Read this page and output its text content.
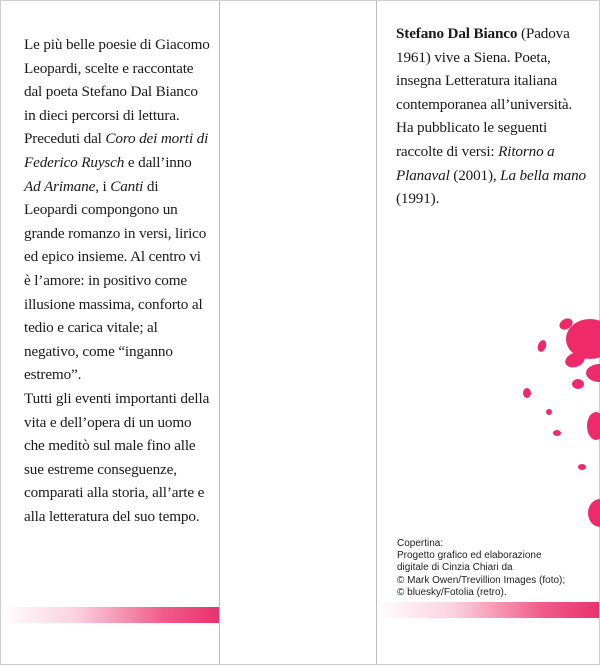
Le più belle poesie di Giacomo Leopardi, scelte e raccontate dal poeta Stefano Dal Bianco in dieci percorsi di lettura.

Preceduti dal Coro dei morti di Federico Ruysch e dall’inno Ad Arimane, i Canti di Leopardi compongono un grande romanzo in versi, lirico ed epico insieme. Al centro vi è l’amore: in positivo come illusione massima, conforto al tedio e carica vitale; al negativo, come “inganno estremo”.

Tutti gli eventi importanti della vita e dell’opera di un uomo che meditò sul male fino alle sue estreme conseguenze, comparati alla storia, all’arte e alla letteratura del suo tempo.

Stefano Dal Bianco (Padova 1961) vive a Siena. Poeta, insegna Letteratura italiana contemporanea all’università. Ha pubblicato le seguenti raccolte di versi: Ritorno a Planaval (2001), La bella mano (1991).

Copertina:
Progetto grafico ed elaborazione
digitale di Cinzia Chiari da
© Mark Owen/Trevillion Images (foto);
© bluesky/Fotolia (retro).
